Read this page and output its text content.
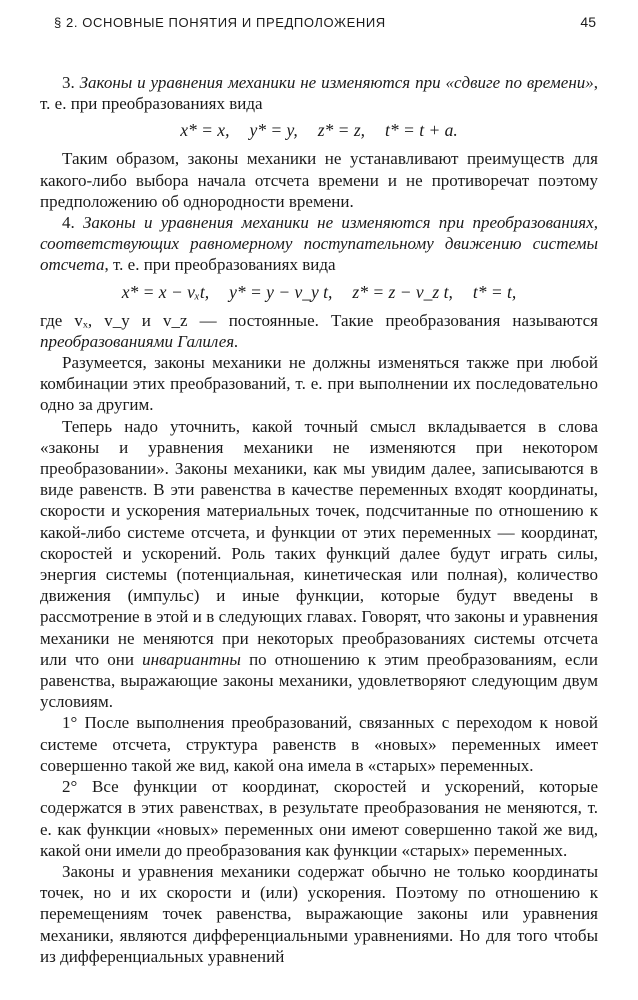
§ 2. ОСНОВНЫЕ ПОНЯТИЯ И ПРЕДПОЛОЖЕНИЯ	45

3. Законы и уравнения механики не изменяются при «сдвиге по времени», т. е. при преобразованиях вида

x* = x, y* = y, z* = z, t* = t + a.

Таким образом, законы механики не устанавливают преимуществ для какого-либо выбора начала отсчета времени и не противоречат поэтому предположению об однородности времени.

4. Законы и уравнения механики не изменяются при преобразованиях, соответствующих равномерному поступательному движению системы отсчета, т. е. при преобразованиях вида

x* = x − vₓt, y* = y − v_y t, z* = z − v_z t, t* = t,

где vₓ, v_y и v_z — постоянные. Такие преобразования называются преобразованиями Галилея.

Разумеется, законы механики не должны изменяться также при любой комбинации этих преобразований, т. е. при выполнении их последовательно одно за другим.

Теперь надо уточнить, какой точный смысл вкладывается в слова «законы и уравнения механики не изменяются при некотором преобразовании». Законы механики, как мы увидим далее, записываются в виде равенств. В эти равенства в качестве переменных входят координаты, скорости и ускорения материальных точек, подсчитанные по отношению к какой-либо системе отсчета, и функции от этих переменных — координат, скоростей и ускорений. Роль таких функций далее будут играть силы, энергия системы (потенциальная, кинетическая или полная), количество движения (импульс) и иные функции, которые будут введены в рассмотрение в этой и в следующих главах. Говорят, что законы и уравнения механики не меняются при некоторых преобразованиях системы отсчета или что они инвариантны по отношению к этим преобразованиям, если равенства, выражающие законы механики, удовлетворяют следующим двум условиям.

1° После выполнения преобразований, связанных с переходом к новой системе отсчета, структура равенств в «новых» переменных имеет совершенно такой же вид, какой она имела в «старых» переменных.

2° Все функции от координат, скоростей и ускорений, которые содержатся в этих равенствах, в результате преобразования не меняются, т. е. как функции «новых» переменных они имеют совершенно такой же вид, какой они имели до преобразования как функции «старых» переменных.

Законы и уравнения механики содержат обычно не только координаты точек, но и их скорости и (или) ускорения. Поэтому по отношению к перемещениям точек равенства, выражающие законы или уравнения механики, являются дифференциальными уравнениями. Но для того чтобы из дифференциальных уравнений
